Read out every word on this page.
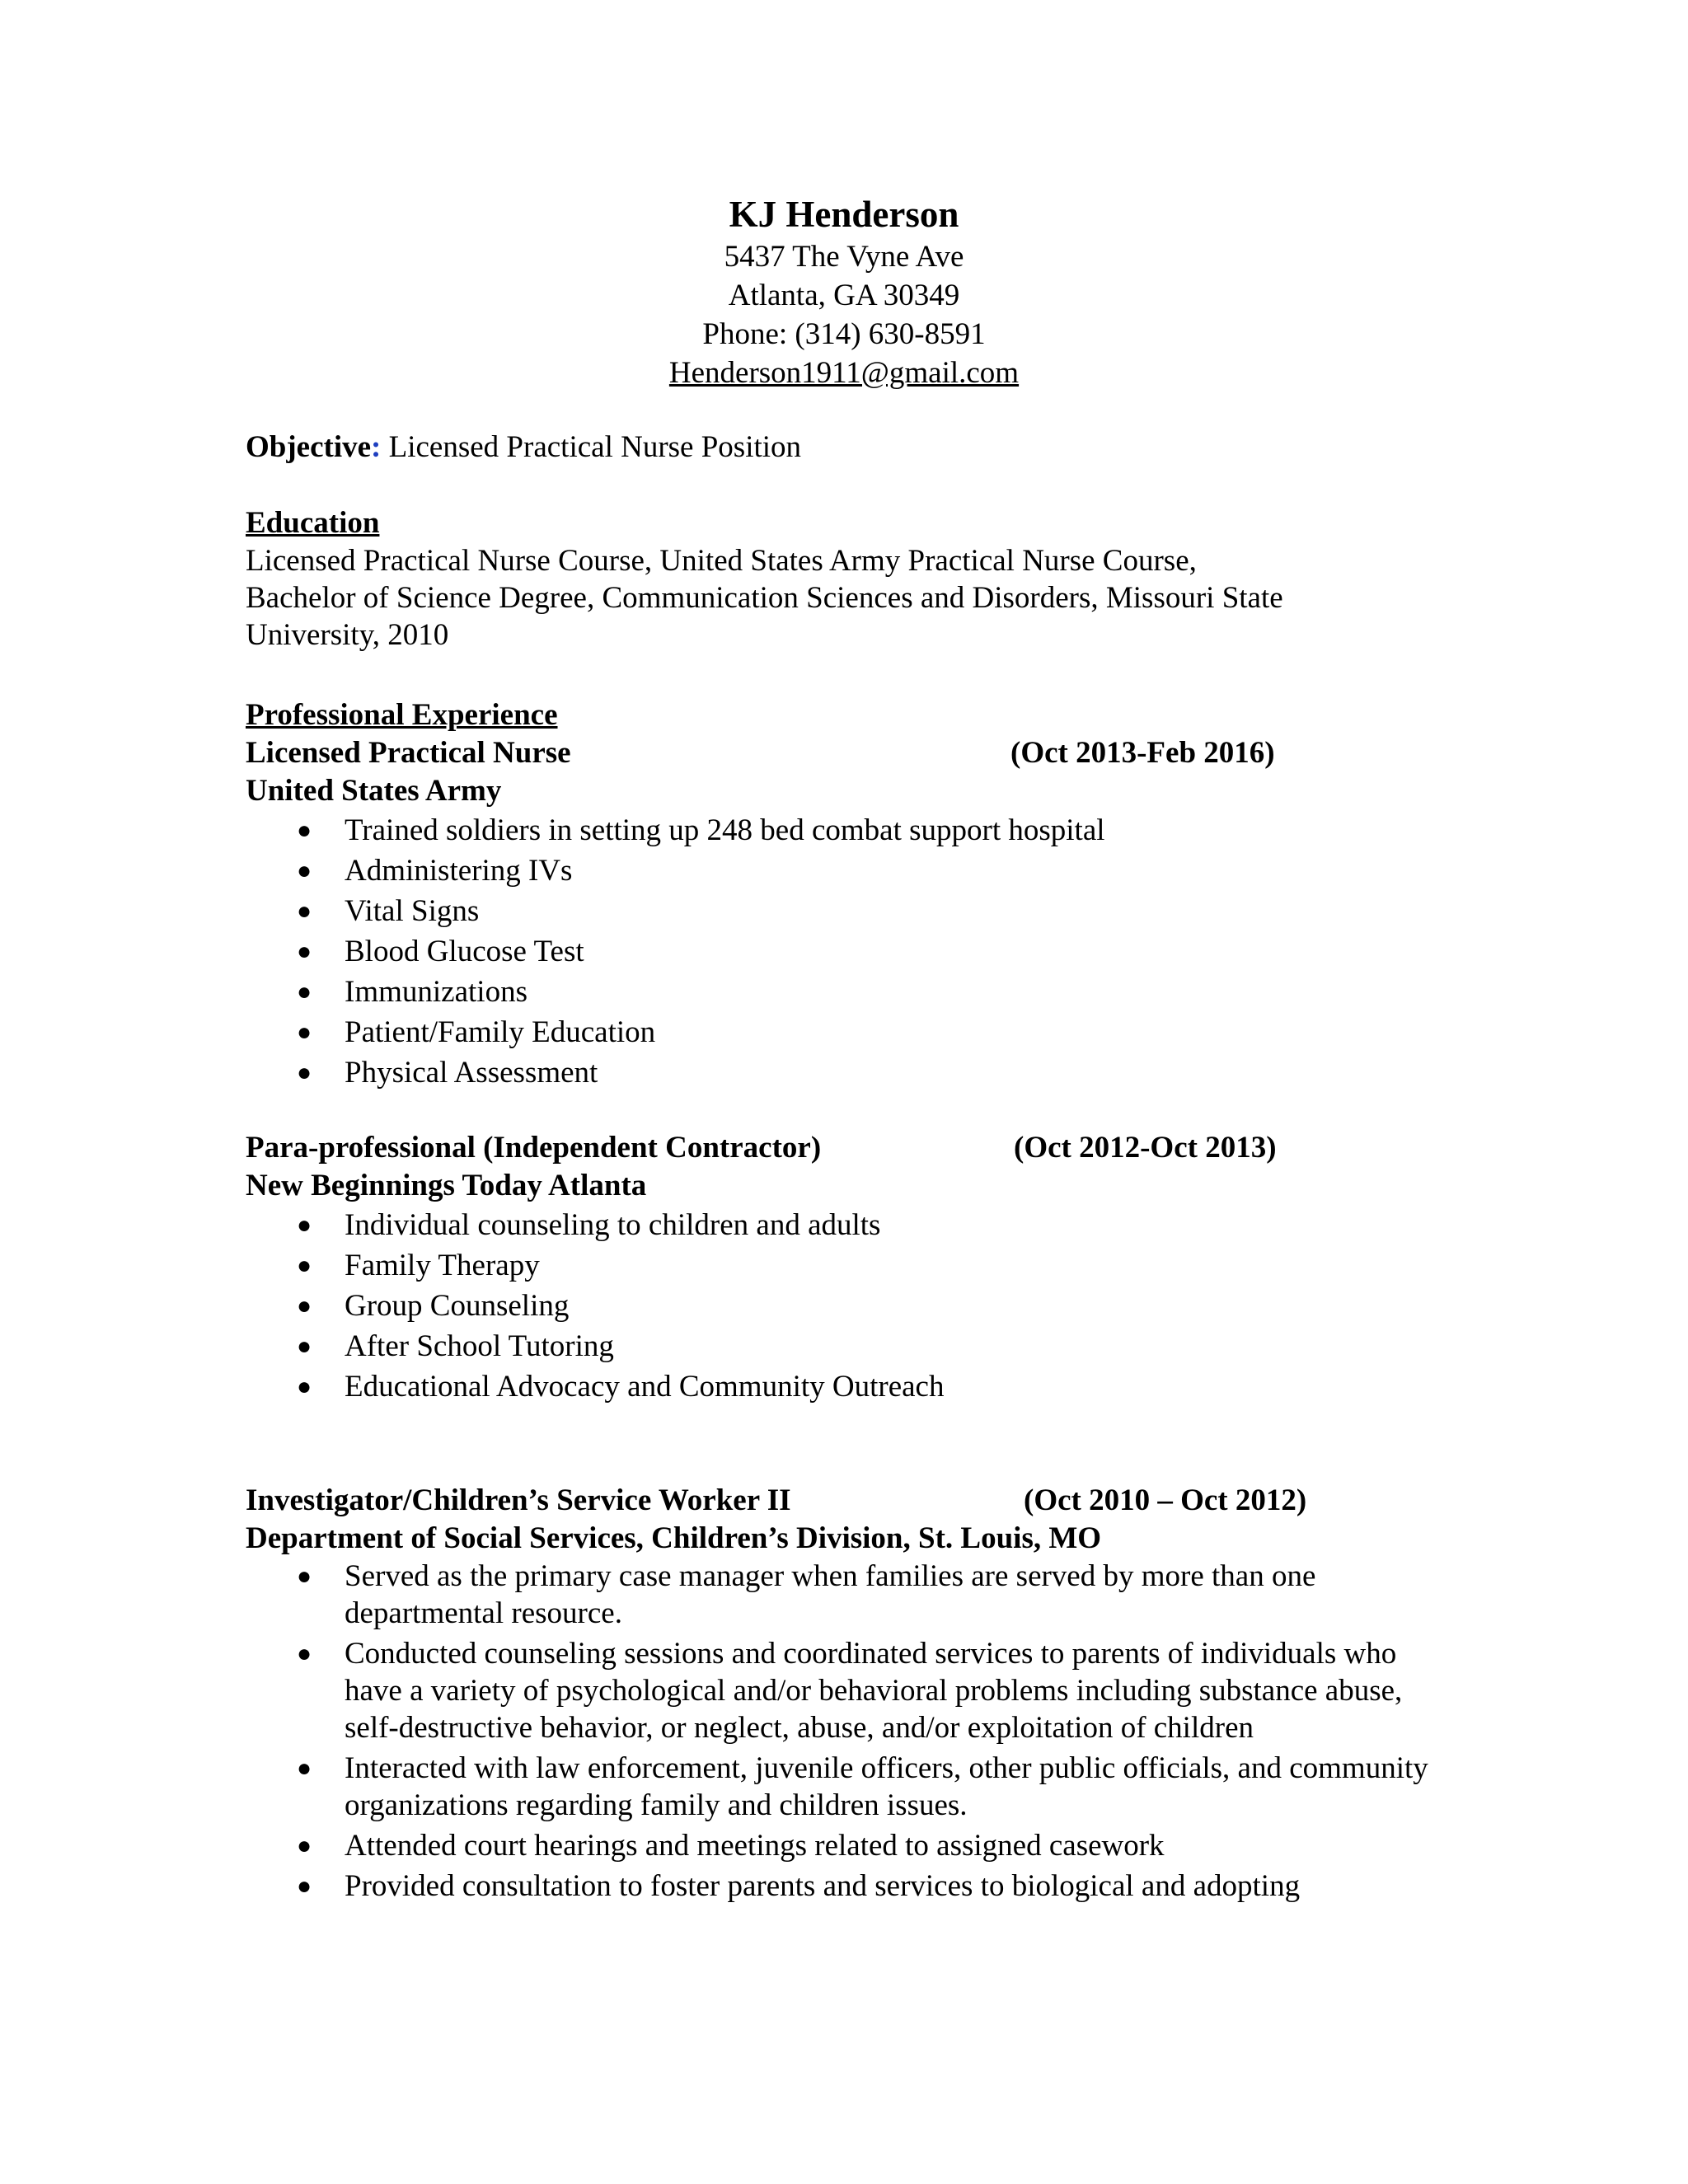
KJ Henderson
5437 The Vyne Ave
Atlanta, GA 30349
Phone: (314) 630-8591
Henderson1911@gmail.com
Objective: Licensed Practical Nurse Position
Education
Licensed Practical Nurse Course, United States Army Practical Nurse Course,
Bachelor of Science Degree, Communication Sciences and Disorders, Missouri State
University, 2010
Professional Experience
Licensed Practical Nurse	(Oct 2013-Feb 2016)
United States Army
● Trained soldiers in setting up 248 bed combat support hospital
● Administering IVs
● Vital Signs
● Blood Glucose Test
● Immunizations
● Patient/Family Education
● Physical Assessment
Para-professional (Independent Contractor)	(Oct 2012-Oct 2013)
New Beginnings Today Atlanta
● Individual counseling to children and adults
● Family Therapy
● Group Counseling
● After School Tutoring
● Educational Advocacy and Community Outreach
Investigator/Children’s Service Worker II	(Oct 2010 – Oct 2012)
Department of Social Services, Children’s Division, St. Louis, MO
● Served as the primary case manager when families are served by more than one departmental resource.
● Conducted counseling sessions and coordinated services to parents of individuals who have a variety of psychological and/or behavioral problems including substance abuse, self-destructive behavior, or neglect, abuse, and/or exploitation of children
● Interacted with law enforcement, juvenile officers, other public officials, and community organizations regarding family and children issues.
● Attended court hearings and meetings related to assigned casework
● Provided consultation to foster parents and services to biological and adopting
